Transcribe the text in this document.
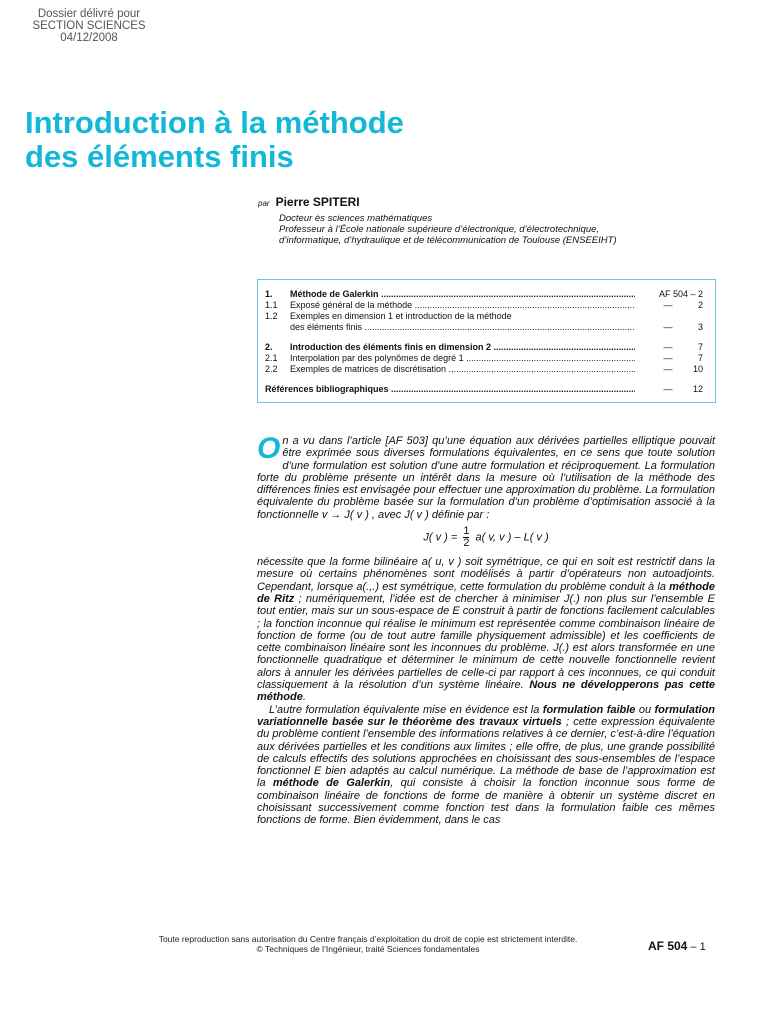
Dossier délivré pour
SECTION SCIENCES
04/12/2008
Introduction à la méthode
des éléments finis
par Pierre SPITERI
Docteur ès sciences mathématiques
Professeur à l’École nationale supérieure d’électronique, d’électrotechnique,
d’informatique, d’hydraulique et de télécommunication de Toulouse (ENSEEIHT)
1.	Méthode de Galerkin .....	AF 504 – 2
1.1	Exposé général de la méthode .....	—	2
1.2	Exemples en dimension 1 et introduction de la méthode
des éléments finis .....	—	3
2.	Introduction des éléments finis en dimension 2 .....	—	7
2.1	Interpolation par des polynômes de degré 1 .....	—	7
2.2	Exemples de matrices de discrétisation .....	—	10
Références bibliographiques .....	—	12

On a vu dans l’article [AF 503] qu’une équation aux dérivées partielles elliptique pouvait être exprimée sous diverses formulations équivalentes, en ce sens que toute solution d’une formulation est solution d’une autre formulation et réciproquement. La formulation forte du problème présente un intérêt dans la mesure où l’utilisation de la méthode des différences finies est envisagée pour effectuer une approximation du problème. La formulation équivalente du problème basée sur la formulation d’un problème d’optimisation associé à la fonctionnelle v → J( v ) , avec J( v ) définie par :

J( v ) = $\frac{1}{2} a$( v, v ) – L( v )

nécessite que la forme bilinéaire a( u, v ) soit symétrique, ce qui en soit est restrictif dans la mesure où certains phénomènes sont modélisés à partir d’opérateurs non autoadjoints. Cependant, lorsque a(.,.) est symétrique, cette formulation du problème conduit à la méthode de Ritz ; numériquement, l’idée est de chercher à minimiser J(.) non plus sur l’ensemble E tout entier, mais sur un sous-espace de E construit à partir de fonctions facilement calculables ; la fonction inconnue qui réalise le minimum est représentée comme combinaison linéaire de fonction de forme (ou de tout autre famille physiquement admissible) et les coefficients de cette combinaison linéaire sont les inconnues du problème. J(.) est alors transformée en une fonctionnelle quadratique et déterminer le minimum de cette nouvelle fonctionnelle revient alors à annuler les dérivées partielles de celle-ci par rapport à ces inconnues, ce qui conduit classiquement à la résolution d’un système linéaire. Nous ne développerons pas cette méthode.

L’autre formulation équivalente mise en évidence est la formulation faible ou formulation variationnelle basée sur le théorème des travaux virtuels ; cette expression équivalente du problème contient l’ensemble des informations relatives à ce dernier, c’est-à-dire l’équation aux dérivées partielles et les conditions aux limites ; elle offre, de plus, une grande possibilité de calculs effectifs des solutions approchées en choisissant des sous-ensembles de l’espace fonctionnel E bien adaptés au calcul numérique. La méthode de base de l’approximation est la méthode de Galerkin, qui consiste à choisir la fonction inconnue sous forme de combinaison linéaire de fonctions de forme de manière à obtenir un système discret en choisissant successivement comme fonction test dans la formulation faible ces mêmes fonctions de forme. Bien évidemment, dans le cas

Toute reproduction sans autorisation du Centre français d’exploitation du droit de copie est strictement interdite.
© Techniques de l’Ingénieur, traité Sciences fondamentales	AF 504 – 1
